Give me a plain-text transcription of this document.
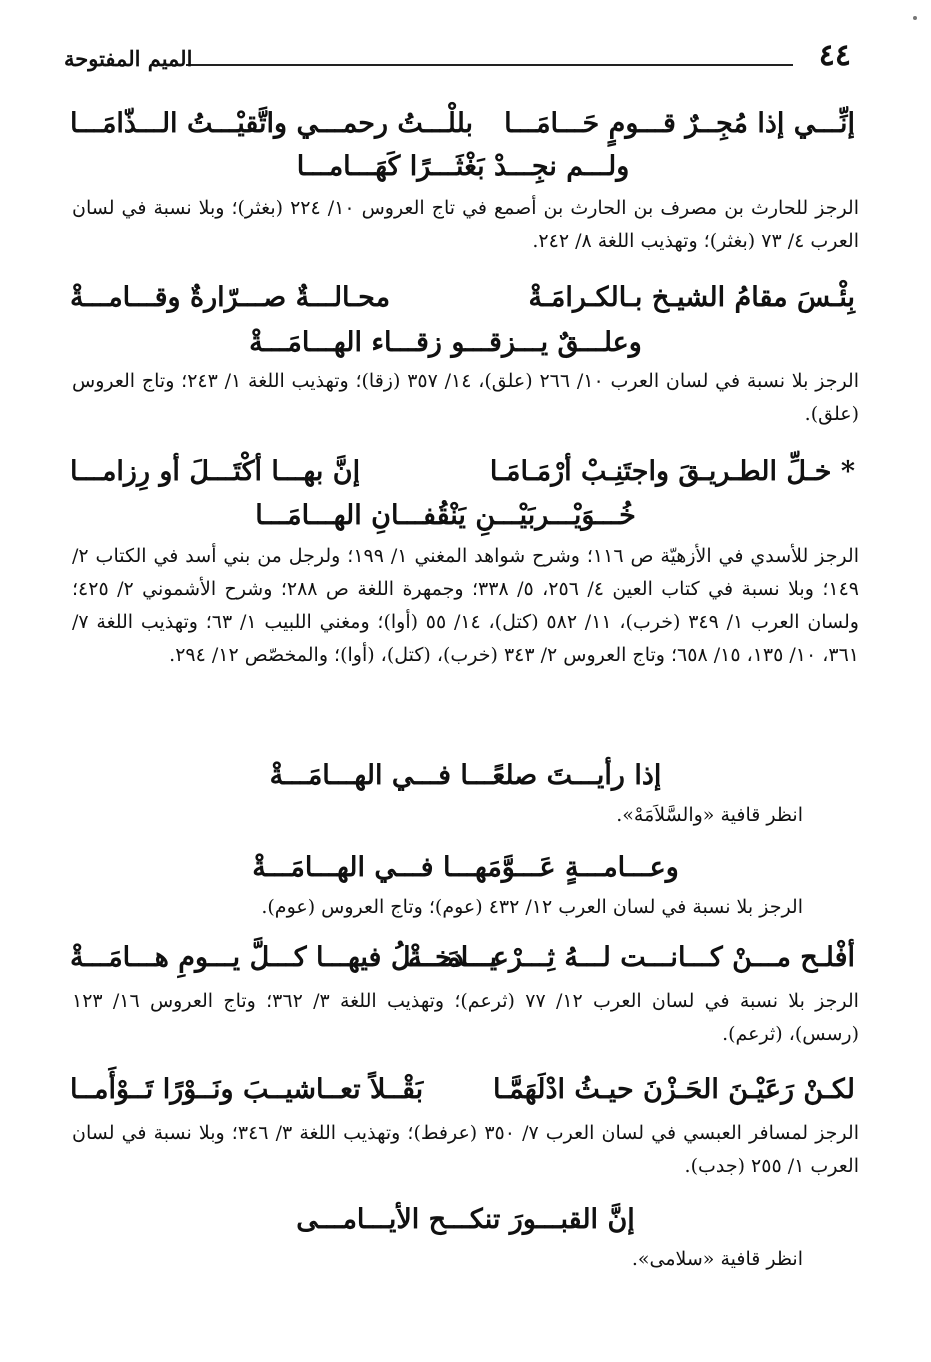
٤٤
الميم المفتوحة
إنِّـــي إذا مُجِــرٌ قـــومٍ حَـــامَـــا
بللْـــتُ رحمـــي واتَّقيْـــتُ الـــذّامَـــا
ولـــم نجِـــدْ بَغْثَـــرًا كَهَـــامـــا
الرجز للحارث بن مصرف بن الحارث بن أصمع في تاج العروس ١٠/ ٢٢٤ (بغثر)؛ وبلا نسبة في لسان العرب ٤/ ٧٣ (بغثر)؛ وتهذيب اللغة ٨/ ٢٤٢.
بِئْـسَ مقامُ الشيـخ بـالكـرامَـةْ
محـالـــةٌ صـــرّارةٌ وقـــامـــةْ
وعلـــقٌ يـــزقـــو زقـــاء الهـــامَـــةْ
الرجز بلا نسبة في لسان العرب ١٠/ ٢٦٦ (علق)، ١٤/ ٣٥٧ (زقا)؛ وتهذيب اللغة ١/ ٢٤٣؛ وتاج العروس (علق).
* خـلِّ الطـريـقَ واجتَنِـبْ أرْمَـامَـا
إنَّ بهـــا أكْتَـــلَ أو رِزامـــا
خُـــوَيْـــربَيْـــنِ يَنْقُفـــانِ الهـــامَـــا
الرجز للأسدي في الأزهيّة ص ١١٦؛ وشرح شواهد المغني ١/ ١٩٩؛ ولرجل من بني أسد في الكتاب ٢/ ١٤٩؛ وبلا نسبة في كتاب العين ٤/ ٢٥٦، ٥/ ٣٣٨؛ وجمهرة اللغة ص ٢٨٨؛ وشرح الأشموني ٢/ ٤٢٥؛ ولسان العرب ١/ ٣٤٩ (خرب)، ١١/ ٥٨٢ (كتل)، ١٤/ ٥٥ (أوا)؛ ومغني اللبيب ١/ ٦٣؛ وتهذيب اللغة ٧/ ٣٦١، ١٠/ ١٣٥، ١٥/ ٦٥٨؛ وتاج العروس ٢/ ٣٤٣ (خرب)، (كتل)، (أوا)؛ والمخصّص ١٢/ ٢٩٤.
إذا رأيـــتَ صلعًـــا فـــي الهـــامَـــةْ
انظر قافية «والسَّلاَمَهْ».
وعـــامـــةٍ عَـــوَّمَهـــا فـــي الهـــامَـــةْ
الرجز بلا نسبة في لسان العرب ١٢/ ٤٣٢ (عوم)؛ وتاج العروس (عوم).
أفْلـح مـــنْ كـــانـــت لـــهُ ثِـــرْعـــامَـــةْ
يـــدخـــلُ فيهـــا كـــلَّ يـــومِ هـــامَـــةْ
الرجز بلا نسبة في لسان العرب ١٢/ ٧٧ (ثرعم)؛ وتهذيب اللغة ٣/ ٣٦٢؛ وتاج العروس ١٦/ ١٢٣ (رسس)، (ثرعم).
لكـنْ رَعَيْـنَ الحَـزْنَ حيـثُ ادْلَهَمَّـا
بَقْــلاً تعــاشيــبَ ونَــوْرًا تَــوْأَمــا
الرجز لمسافر العبسي في لسان العرب ٧/ ٣٥٠ (عرفط)؛ وتهذيب اللغة ٣/ ٣٤٦؛ وبلا نسبة في لسان العرب ١/ ٢٥٥ (جدب).
إنَّ القبـــورَ تنكـــح الأيـــامـــى
انظر قافية «سلامى».
